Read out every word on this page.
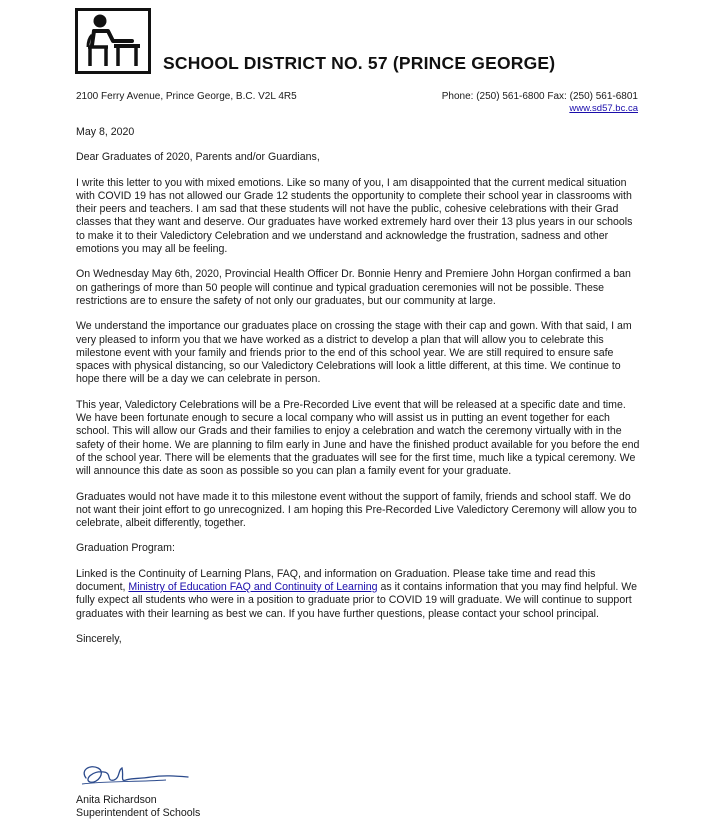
SCHOOL DISTRICT NO. 57 (PRINCE GEORGE)
2100 Ferry Avenue, Prince George, B.C. V2L 4R5	Phone: (250) 561-6800 Fax: (250) 561-6801
www.sd57.bc.ca

May 8, 2020

Dear Graduates of 2020, Parents and/or Guardians,

I write this letter to you with mixed emotions. Like so many of you, I am disappointed that the current medical situation with COVID 19 has not allowed our Grade 12 students the opportunity to complete their school year in classrooms with their peers and teachers. I am sad that these students will not have the public, cohesive celebrations with their Grad classes that they want and deserve. Our graduates have worked extremely hard over their 13 plus years in our schools to make it to their Valedictory Celebration and we understand and acknowledge the frustration, sadness and other emotions you may all be feeling.

On Wednesday May 6th, 2020, Provincial Health Officer Dr. Bonnie Henry and Premiere John Horgan confirmed a ban on gatherings of more than 50 people will continue and typical graduation ceremonies will not be possible. These restrictions are to ensure the safety of not only our graduates, but our community at large.

We understand the importance our graduates place on crossing the stage with their cap and gown. With that said, I am very pleased to inform you that we have worked as a district to develop a plan that will allow you to celebrate this milestone event with your family and friends prior to the end of this school year. We are still required to ensure safe spaces with physical distancing, so our Valedictory Celebrations will look a little different, at this time. We continue to hope there will be a day we can celebrate in person.

This year, Valedictory Celebrations will be a Pre-Recorded Live event that will be released at a specific date and time. We have been fortunate enough to secure a local company who will assist us in putting an event together for each school. This will allow our Grads and their families to enjoy a celebration and watch the ceremony virtually with in the safety of their home. We are planning to film early in June and have the finished product available for you before the end of the school year. There will be elements that the graduates will see for the first time, much like a typical ceremony. We will announce this date as soon as possible so you can plan a family event for your graduate.

Graduates would not have made it to this milestone event without the support of family, friends and school staff. We do not want their joint effort to go unrecognized. I am hoping this Pre-Recorded Live Valedictory Ceremony will allow you to celebrate, albeit differently, together.

Graduation Program:

Linked is the Continuity of Learning Plans, FAQ, and information on Graduation. Please take time and read this document, Ministry of Education FAQ and Continuity of Learning as it contains information that you may find helpful. We fully expect all students who were in a position to graduate prior to COVID 19 will graduate. We will continue to support graduates with their learning as best we can. If you have further questions, please contact your school principal.

Sincerely,

Anita Richardson
Superintendent of Schools
